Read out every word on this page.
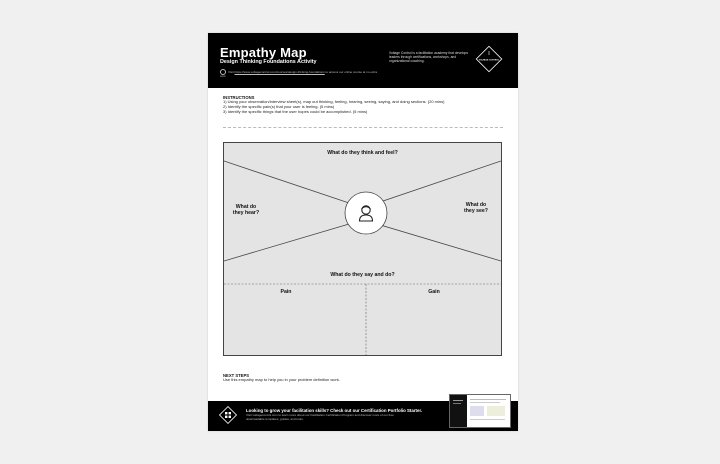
Empathy Map
Design Thinking Foundations Activity
Visit https://www.voltagecontrol.com/courses/design-thinking-foundations to access our online course at no extra cost.
Voltage Control is a facilitation academy that develops leaders through certifications, workshops, and organizational coaching.	VOLTAGE CONTROL
INSTRUCTIONS
1) Using your observation/interview sheet(s), map out thinking, feeling, hearing, seeing, saying, and doing sections. (20 mins)
2) Identify the specific pain(s) that your user is feeling. (5 mins)
3) Identify the specific things that the user hopes could be accomplished. (5 mins)
What do they think and feel?
What do
they hear?
What do
they see?
What do they say and do?
Pain	Gain
NEXT STEPS
Use this empathy map to help you in your problem definition work.
Looking to grow your facilitation skills? Check out our Certification Portfolio Starter.
Visit voltagecontrol.com to learn more about our Facilitation Certification Program and discover more of our free downloadable templates, guides, and tools.
